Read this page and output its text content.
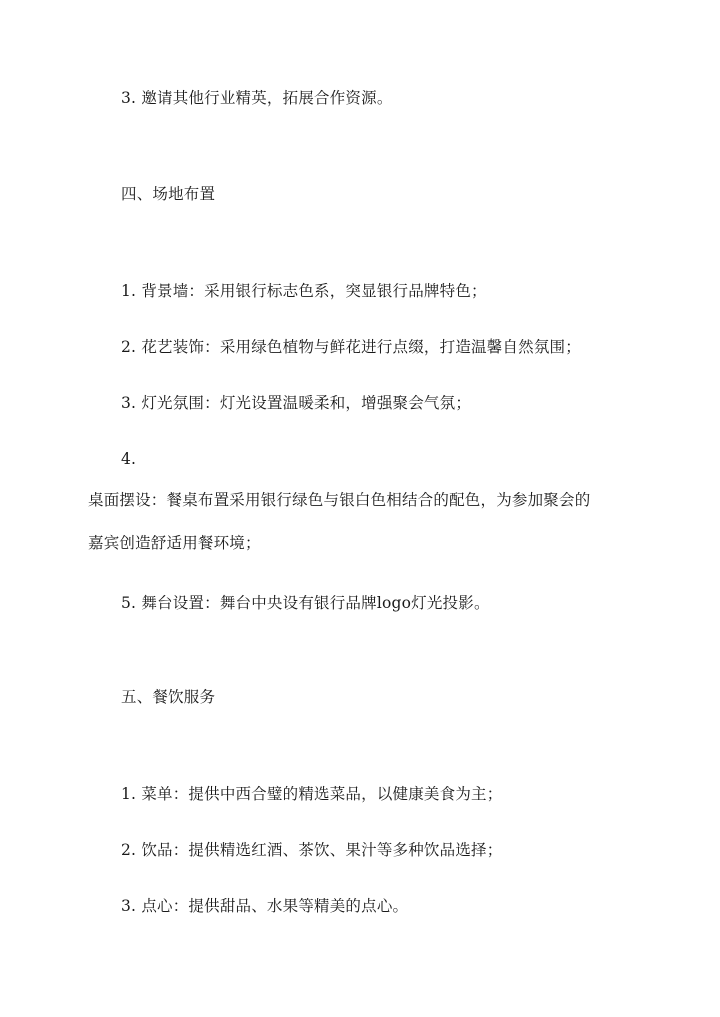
3. 邀请其他行业精英，拓展合作资源。
四、场地布置
1. 背景墙：采用银行标志色系，突显银行品牌特色；
2. 花艺装饰：采用绿色植物与鲜花进行点缀，打造温馨自然氛围；
3. 灯光氛围：灯光设置温暖柔和，增强聚会气氛；
4.
桌面摆设：餐桌布置采用银行绿色与银白色相结合的配色，为参加聚会的
嘉宾创造舒适用餐环境；
5. 舞台设置：舞台中央设有银行品牌logo灯光投影。
五、餐饮服务
1. 菜单：提供中西合璧的精选菜品，以健康美食为主；
2. 饮品：提供精选红酒、茶饮、果汁等多种饮品选择；
3. 点心：提供甜品、水果等精美的点心。
